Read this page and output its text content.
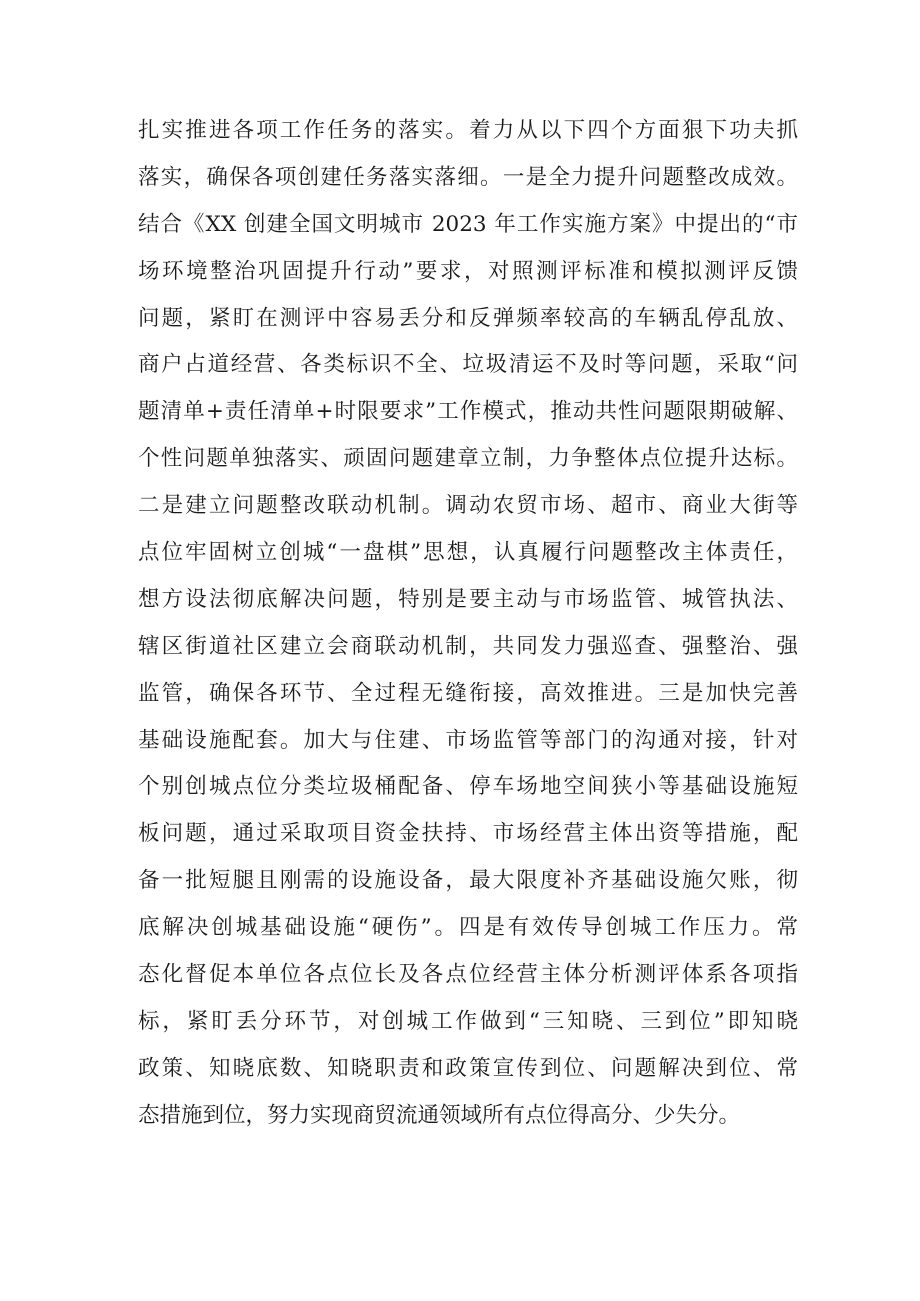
扎实推进各项工作任务的落实。着力从以下四个方面狠下功夫抓
落实，确保各项创建任务落实落细。一是全力提升问题整改成效。
结合《XX 创建全国文明城市 2023 年工作实施方案》中提出的“市
场环境整治巩固提升行动”要求，对照测评标准和模拟测评反馈
问题，紧盯在测评中容易丢分和反弹频率较高的车辆乱停乱放、
商户占道经营、各类标识不全、垃圾清运不及时等问题，采取“问
题清单+责任清单+时限要求”工作模式，推动共性问题限期破解、
个性问题单独落实、顽固问题建章立制，力争整体点位提升达标。
二是建立问题整改联动机制。调动农贸市场、超市、商业大街等
点位牢固树立创城“一盘棋”思想，认真履行问题整改主体责任，
想方设法彻底解决问题，特别是要主动与市场监管、城管执法、
辖区街道社区建立会商联动机制，共同发力强巡查、强整治、强
监管，确保各环节、全过程无缝衔接，高效推进。三是加快完善
基础设施配套。加大与住建、市场监管等部门的沟通对接，针对
个别创城点位分类垃圾桶配备、停车场地空间狭小等基础设施短
板问题，通过采取项目资金扶持、市场经营主体出资等措施，配
备一批短腿且刚需的设施设备，最大限度补齐基础设施欠账，彻
底解决创城基础设施“硬伤”。四是有效传导创城工作压力。常
态化督促本单位各点位长及各点位经营主体分析测评体系各项指
标，紧盯丢分环节，对创城工作做到“三知晓、三到位”即知晓
政策、知晓底数、知晓职责和政策宣传到位、问题解决到位、常
态措施到位，努力实现商贸流通领域所有点位得高分、少失分。
